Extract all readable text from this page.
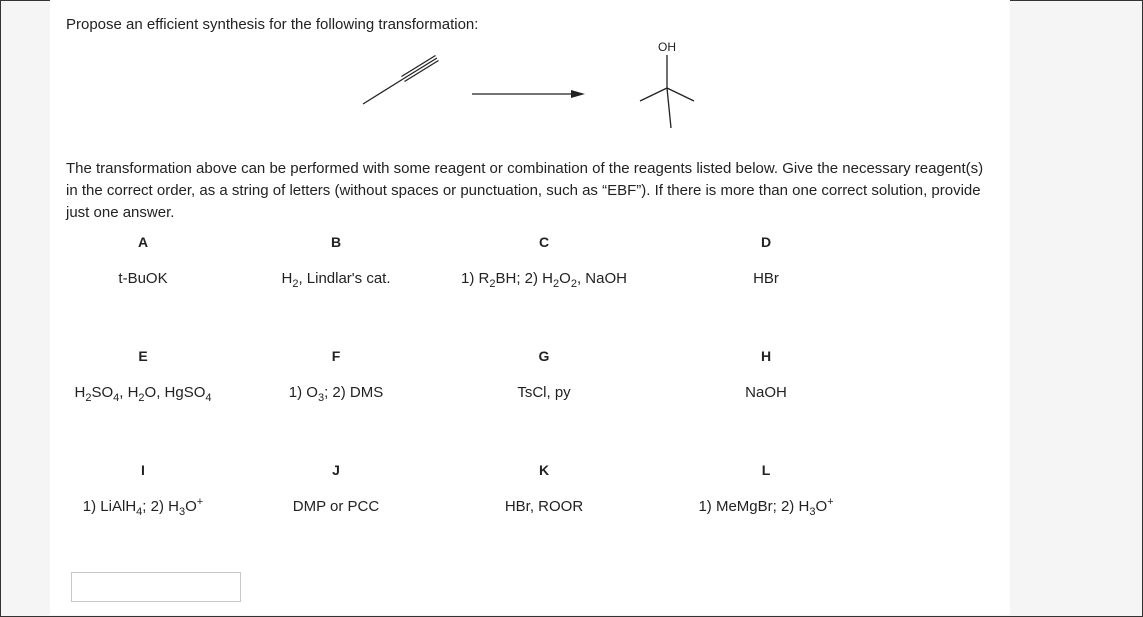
Propose an efficient synthesis for the following transformation:

OH

The transformation above can be performed with some reagent or combination of the reagents listed below. Give the necessary reagent(s) in the correct order, as a string of letters (without spaces or punctuation, such as “EBF”). If there is more than one correct solution, provide just one answer.

A
t-BuOK
B
$H_2$, Lindlar's cat.
C
1) $R_2BH$; 2) $H_2O_2$, NaOH
D
HBr
E
$H_2SO_4$, $H_2O$, HgSO$_4$
F
1) $O_3$; 2) DMS
G
TsCl, py
H
NaOH
I
1) LiAlH$_4$; 2) $H_3O^+$
J
DMP or PCC
K
HBr, ROOR
L
1) MeMgBr; 2) $H_3O^+$
